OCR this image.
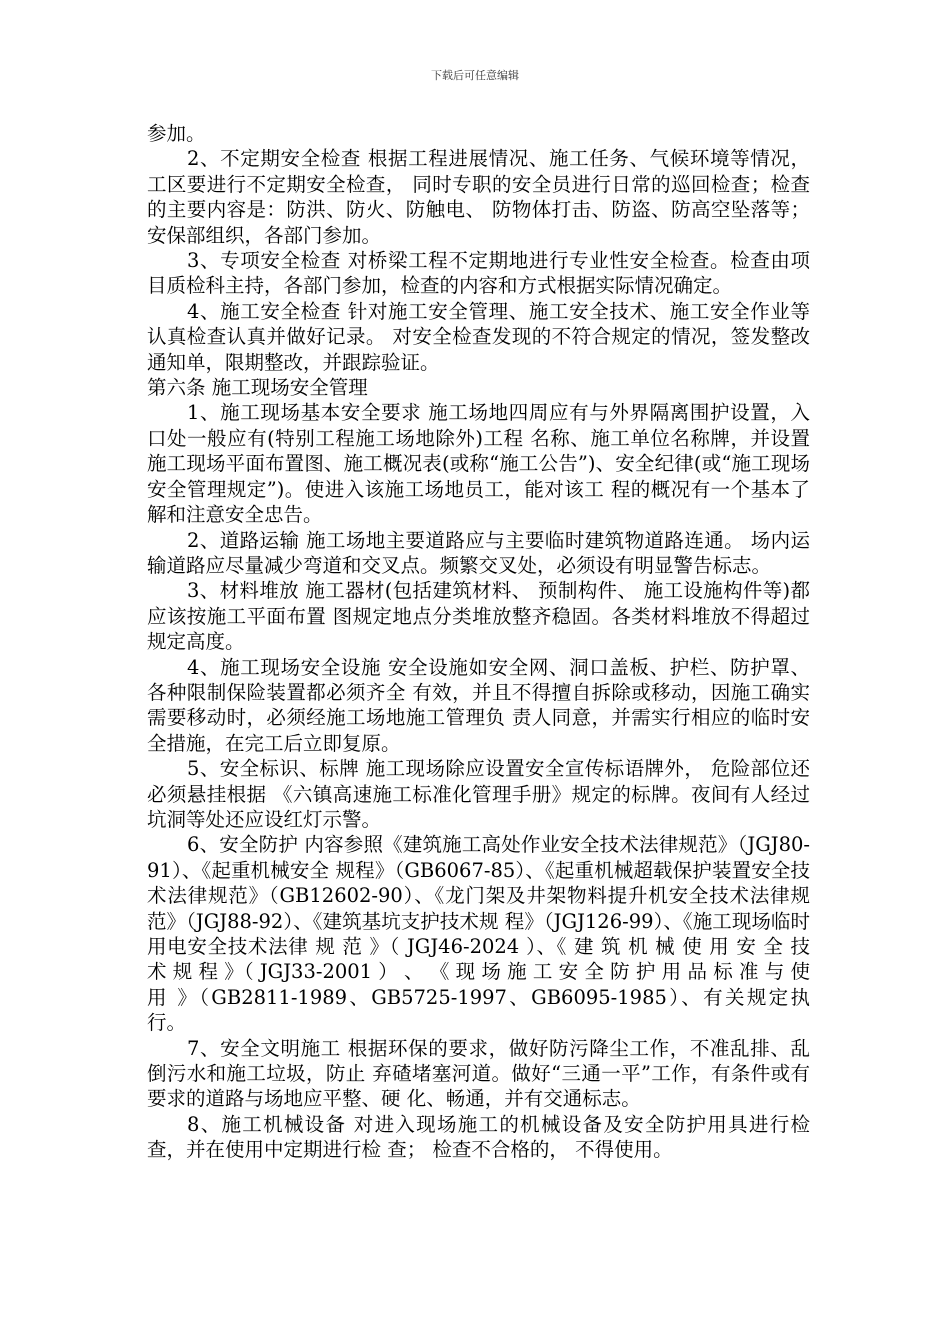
下载后可任意编辑

参加。

2、不定期安全检查 根据工程进展情况、施工任务、气候环境等情况，工区要进行不定期安全检查， 同时专职的安全员进行日常的巡回检查；检查的主要内容是：防洪、防火、防触电、 防物体打击、防盗、防高空坠落等；安保部组织，各部门参加。

3、专项安全检查 对桥梁工程不定期地进行专业性安全检查。检查由项目质检科主持，各部门参加，检查的内容和方式根据实际情况确定。

4、施工安全检查 针对施工安全管理、施工安全技术、施工安全作业等认真检查认真并做好记录。 对安全检查发现的不符合规定的情况，签发整改通知单，限期整改，并跟踪验证。

第六条 施工现场安全管理

1、施工现场基本安全要求 施工场地四周应有与外界隔离围护设置，入口处一般应有(特别工程施工场地除外)工程 名称、施工单位名称牌，并设置施工现场平面布置图、施工概况表(或称“施工公告”)、安全纪律(或“施工现场安全管理规定”)。使进入该施工场地员工，能对该工 程的概况有一个基本了解和注意安全忠告。

2、道路运输 施工场地主要道路应与主要临时建筑物道路连通。 场内运输道路应尽量减少弯道和交叉点。频繁交叉处，必须设有明显警告标志。

3、材料堆放 施工器材(包括建筑材料、 预制构件、 施工设施构件等)都应该按施工平面布置 图规定地点分类堆放整齐稳固。各类材料堆放不得超过规定高度。

4、施工现场安全设施 安全设施如安全网、洞口盖板、护栏、防护罩、各种限制保险装置都必须齐全 有效，并且不得擅自拆除或移动，因施工确实需要移动时，必须经施工场地施工管理负 责人同意，并需实行相应的临时安全措施，在完工后立即复原。

5、安全标识、标牌 施工现场除应设置安全宣传标语牌外， 危险部位还必须悬挂根据 《六镇高速施工标准化管理手册》规定的标牌。夜间有人经过坑洞等处还应设红灯示警。

6、安全防护 内容参照《建筑施工高处作业安全技术法律规范》（JGJ80-91）、《起重机械安全 规程》（GB6067-85）、《起重机械超载保护装置安全技术法律规范》（GB12602-90）、《龙门架及井架物料提升机安全技术法律规范》（JGJ88-92）、《建筑基坑支护技术规 程》（JGJ126-99）、《施工现场临时用电安全技术法律 规 范 》（ JGJ46-2024 ）、《 建 筑 机 械 使 用 安 全 技 术 规 程 》（ JGJ33-2001 ） 、 《 现 场 施 工 安 全 防 护 用 品 标 准 与 使 用 》（GB2811-1989、GB5725-1997、GB6095-1985）、有关规定执行。

7、安全文明施工 根据环保的要求，做好防污降尘工作，不准乱排、乱倒污水和施工垃圾，防止 弃碴堵塞河道。做好“三通一平”工作，有条件或有要求的道路与场地应平整、硬 化、畅通，并有交通标志。

8、施工机械设备 对进入现场施工的机械设备及安全防护用具进行检查，并在使用中定期进行检 查； 检查不合格的， 不得使用。
